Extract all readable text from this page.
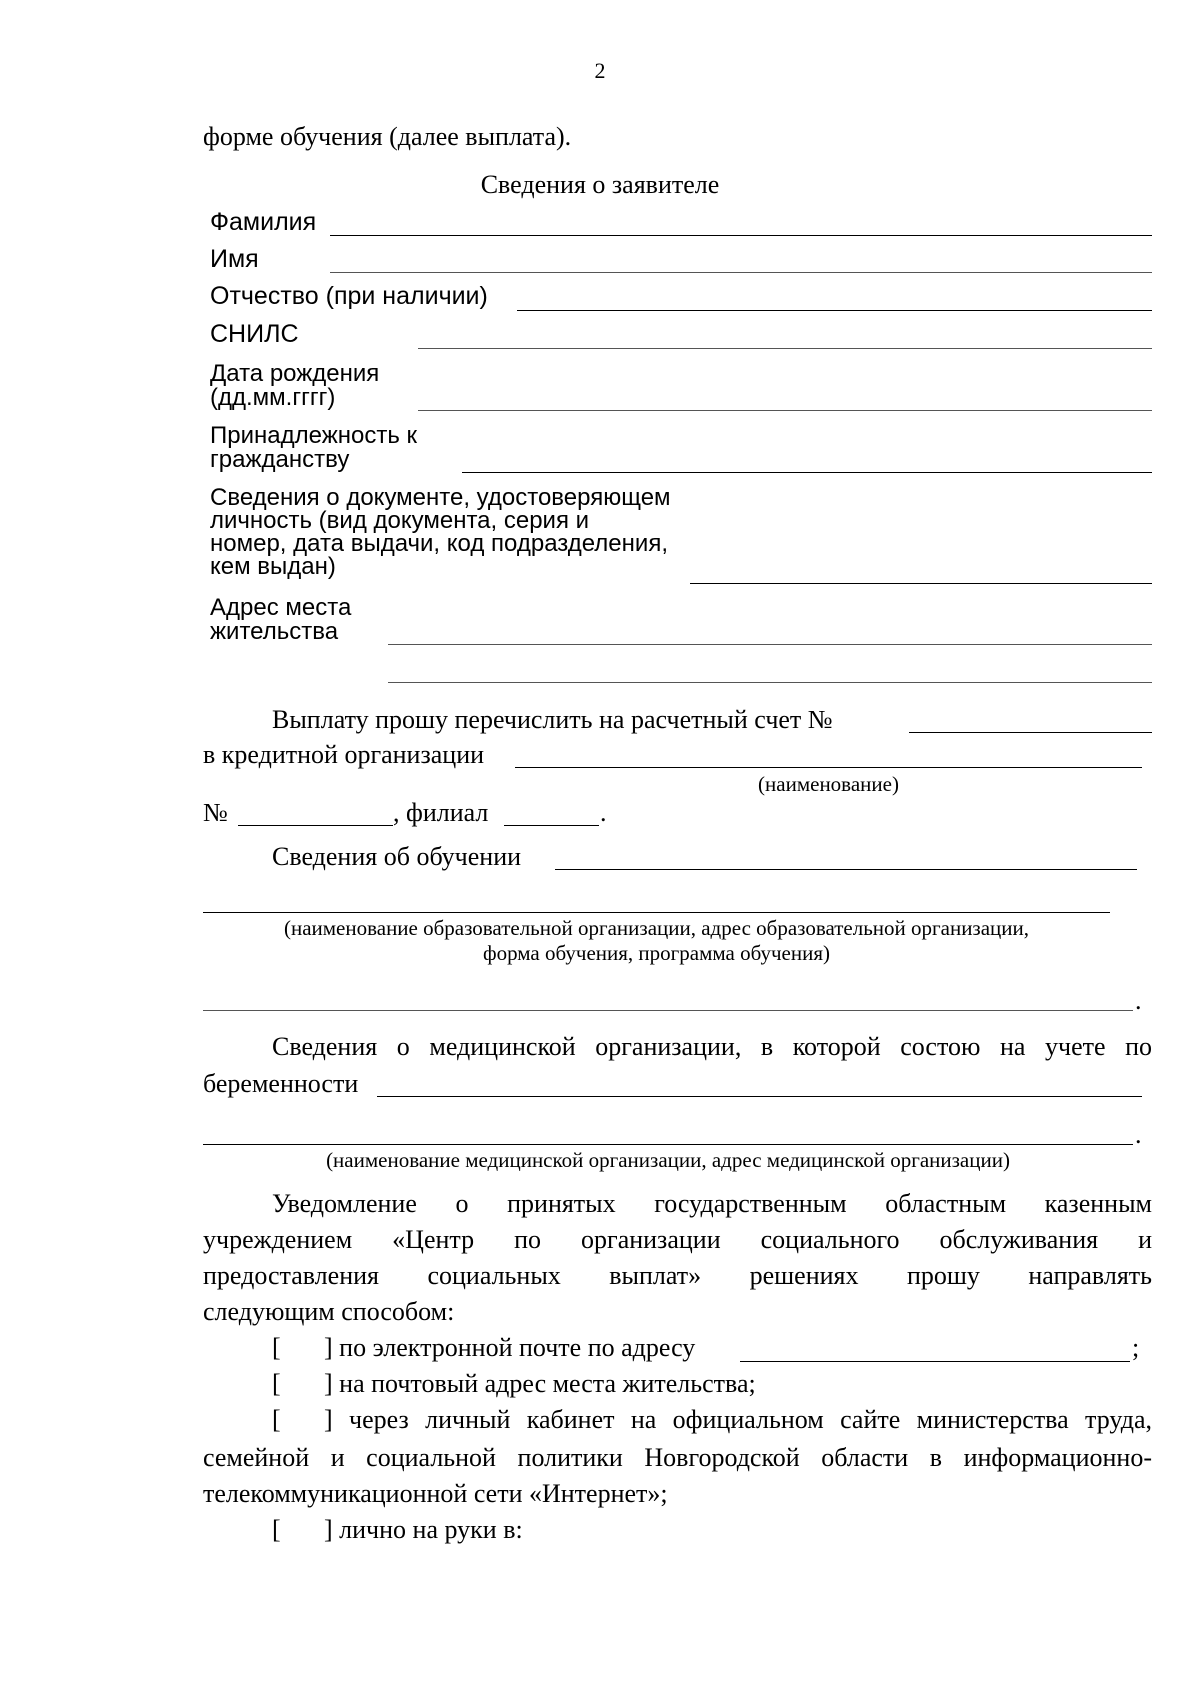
2
форме обучения (далее выплата).
Сведения о заявителе
Фамилия
Имя
Отчество (при наличии)
СНИЛС
Дата рождения
(дд.мм.гггг)
Принадлежность к
гражданству
Сведения о документе, удостоверяющем
личность (вид документа, серия и
номер, дата выдачи, код подразделения,
кем выдан)
Адрес места
жительства
Выплату прошу перечислить на расчетный счет №
в кредитной организации
(наименование)
№	, филиал	.
Сведения об обучении
(наименование образовательной организации, адрес образовательной организации,
форма обучения, программа обучения)
.
Сведения о медицинской организации, в которой состою на учете по
беременности
.
(наименование медицинской организации, адрес медицинской организации)
Уведомление о принятых государственным областным казенным
учреждением «Центр по организации социального обслуживания и
предоставления социальных выплат» решениях прошу направлять
следующим способом:
[ ] по электронной почте по адресу	;
[ ] на почтовый адрес места жительства;
[ ] через личный кабинет на официальном сайте министерства труда,
семейной и социальной политики Новгородской области в информационно-
телекоммуникационной сети «Интернет»;
[ ] лично на руки в:
